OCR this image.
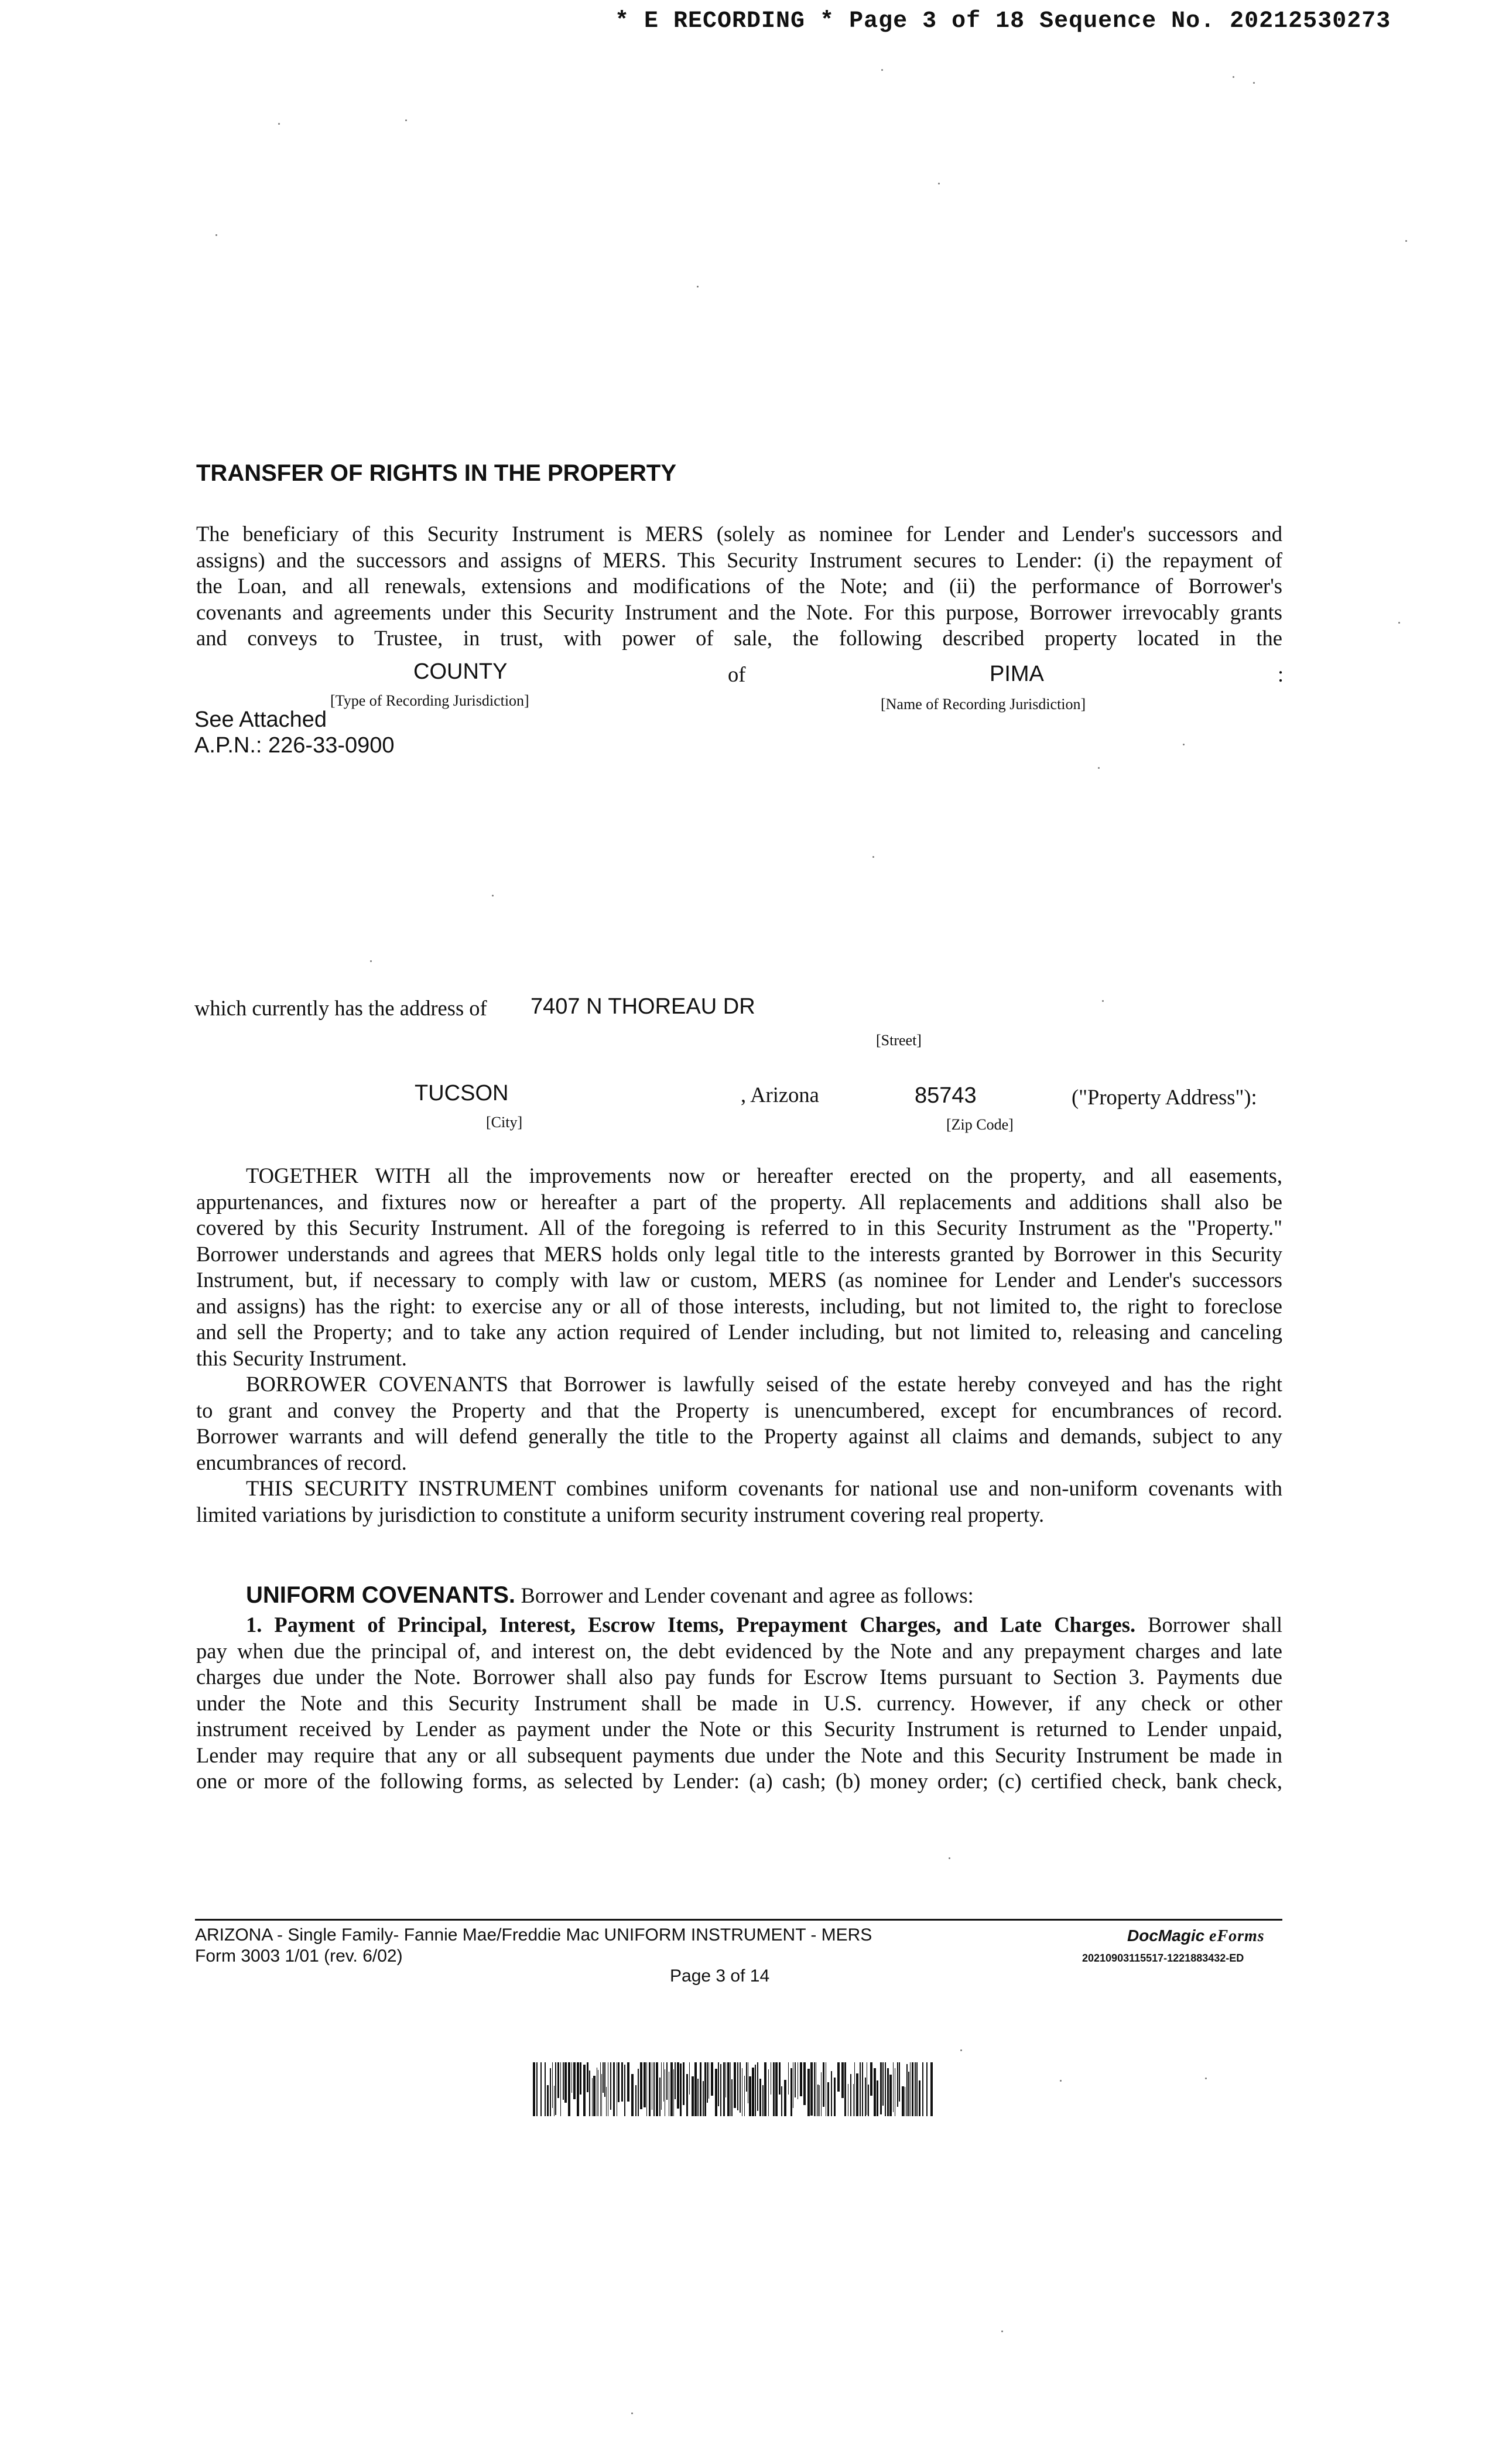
* E RECORDING * Page 3 of 18 Sequence No. 20212530273
TRANSFER OF RIGHTS IN THE PROPERTY
The beneficiary of this Security Instrument is MERS (solely as nominee for Lender and Lender's successors and
assigns) and the successors and assigns of MERS. This Security Instrument secures to Lender: (i) the repayment of
the Loan, and all renewals, extensions and modifications of the Note; and (ii) the performance of Borrower's
covenants and agreements under this Security Instrument and the Note. For this purpose, Borrower irrevocably grants
and conveys to Trustee, in trust, with power of sale, the following described property located in the
COUNTY	of	PIMA	:
[Type of Recording Jurisdiction]	[Name of Recording Jurisdiction]
See Attached
A.P.N.: 226-33-0900
which currently has the address of 7407 N THOREAU DR
[Street]
TUCSON	, Arizona	85743	("Property Address"):
[City]	[Zip Code]
TOGETHER WITH all the improvements now or hereafter erected on the property, and all easements,
appurtenances, and fixtures now or hereafter a part of the property. All replacements and additions shall also be
covered by this Security Instrument. All of the foregoing is referred to in this Security Instrument as the "Property."
Borrower understands and agrees that MERS holds only legal title to the interests granted by Borrower in this Security
Instrument, but, if necessary to comply with law or custom, MERS (as nominee for Lender and Lender's successors
and assigns) has the right: to exercise any or all of those interests, including, but not limited to, the right to foreclose
and sell the Property; and to take any action required of Lender including, but not limited to, releasing and canceling
this Security Instrument.
BORROWER COVENANTS that Borrower is lawfully seised of the estate hereby conveyed and has the right
to grant and convey the Property and that the Property is unencumbered, except for encumbrances of record.
Borrower warrants and will defend generally the title to the Property against all claims and demands, subject to any
encumbrances of record.
THIS SECURITY INSTRUMENT combines uniform covenants for national use and non-uniform covenants with
limited variations by jurisdiction to constitute a uniform security instrument covering real property.
UNIFORM COVENANTS. Borrower and Lender covenant and agree as follows:
1. Payment of Principal, Interest, Escrow Items, Prepayment Charges, and Late Charges. Borrower shall
pay when due the principal of, and interest on, the debt evidenced by the Note and any prepayment charges and late
charges due under the Note. Borrower shall also pay funds for Escrow Items pursuant to Section 3. Payments due
under the Note and this Security Instrument shall be made in U.S. currency. However, if any check or other
instrument received by Lender as payment under the Note or this Security Instrument is returned to Lender unpaid,
Lender may require that any or all subsequent payments due under the Note and this Security Instrument be made in
one or more of the following forms, as selected by Lender: (a) cash; (b) money order; (c) certified check, bank check,
ARIZONA - Single Family- Fannie Mae/Freddie Mac UNIFORM INSTRUMENT - MERS
Form 3003 1/01 (rev. 6/02)
Page 3 of 14
DocMagic eForms
20210903115517-1221883432-ED
